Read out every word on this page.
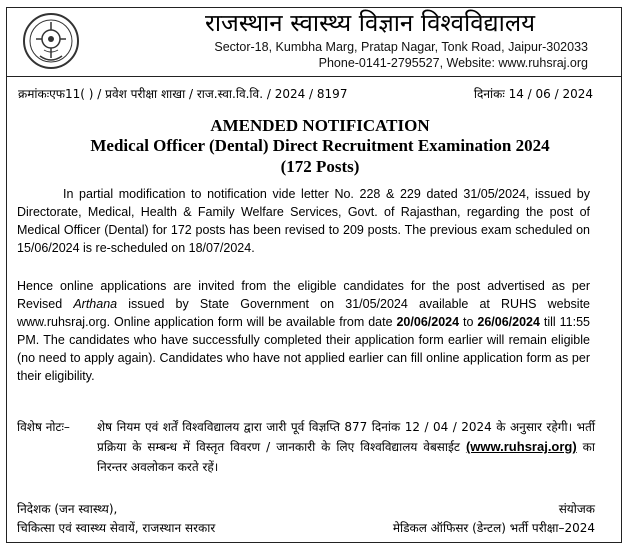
राजस्थान स्वास्थ्य विज्ञान विश्वविद्यालय
Sector-18, Kumbha Marg, Pratap Nagar, Tonk Road, Jaipur-302033
Phone-0141-2795527, Website: www.ruhsraj.org
क्रमांकःएफ11( ) / प्रवेश परीक्षा शाखा / राज.स्वा.वि.वि. / 2024 / 8197	दिनांकः 14 / 06 / 2024
AMENDED NOTIFICATION
Medical Officer (Dental) Direct Recruitment Examination 2024
(172 Posts)
In partial modification to notification vide letter No. 228 & 229 dated 31/05/2024, issued by Directorate, Medical, Health & Family Welfare Services, Govt. of Rajasthan, regarding the post of Medical Officer (Dental) for 172 posts has been revised to 209 posts. The previous exam scheduled on 15/06/2024 is re-scheduled on 18/07/2024.
Hence online applications are invited from the eligible candidates for the post advertised as per Revised Arthana issued by State Government on 31/05/2024 available at RUHS website www.ruhsraj.org. Online application form will be available from date 20/06/2024 to 26/06/2024 till 11:55 PM. The candidates who have successfully completed their application form earlier will remain eligible (no need to apply again). Candidates who have not applied earlier can fill online application form as per their eligibility.
विशेष नोटः– शेष नियम एवं शर्तें विश्वविद्यालय द्वारा जारी पूर्व विज्ञप्ति 877 दिनांक 12 / 04 / 2024 के अनुसार रहेगी। भर्ती प्रक्रिया के सम्बन्ध में विस्तृत विवरण / जानकारी के लिए विश्वविद्यालय वेबसाईट (www.ruhsraj.org) का निरन्तर अवलोकन करते रहें।
निदेशक (जन स्वास्थ्य),
चिकित्सा एवं स्वास्थ्य सेवायें, राजस्थान सरकार
संयोजक
मेडिकल ऑफिसर (डेन्टल) भर्ती परीक्षा–2024
